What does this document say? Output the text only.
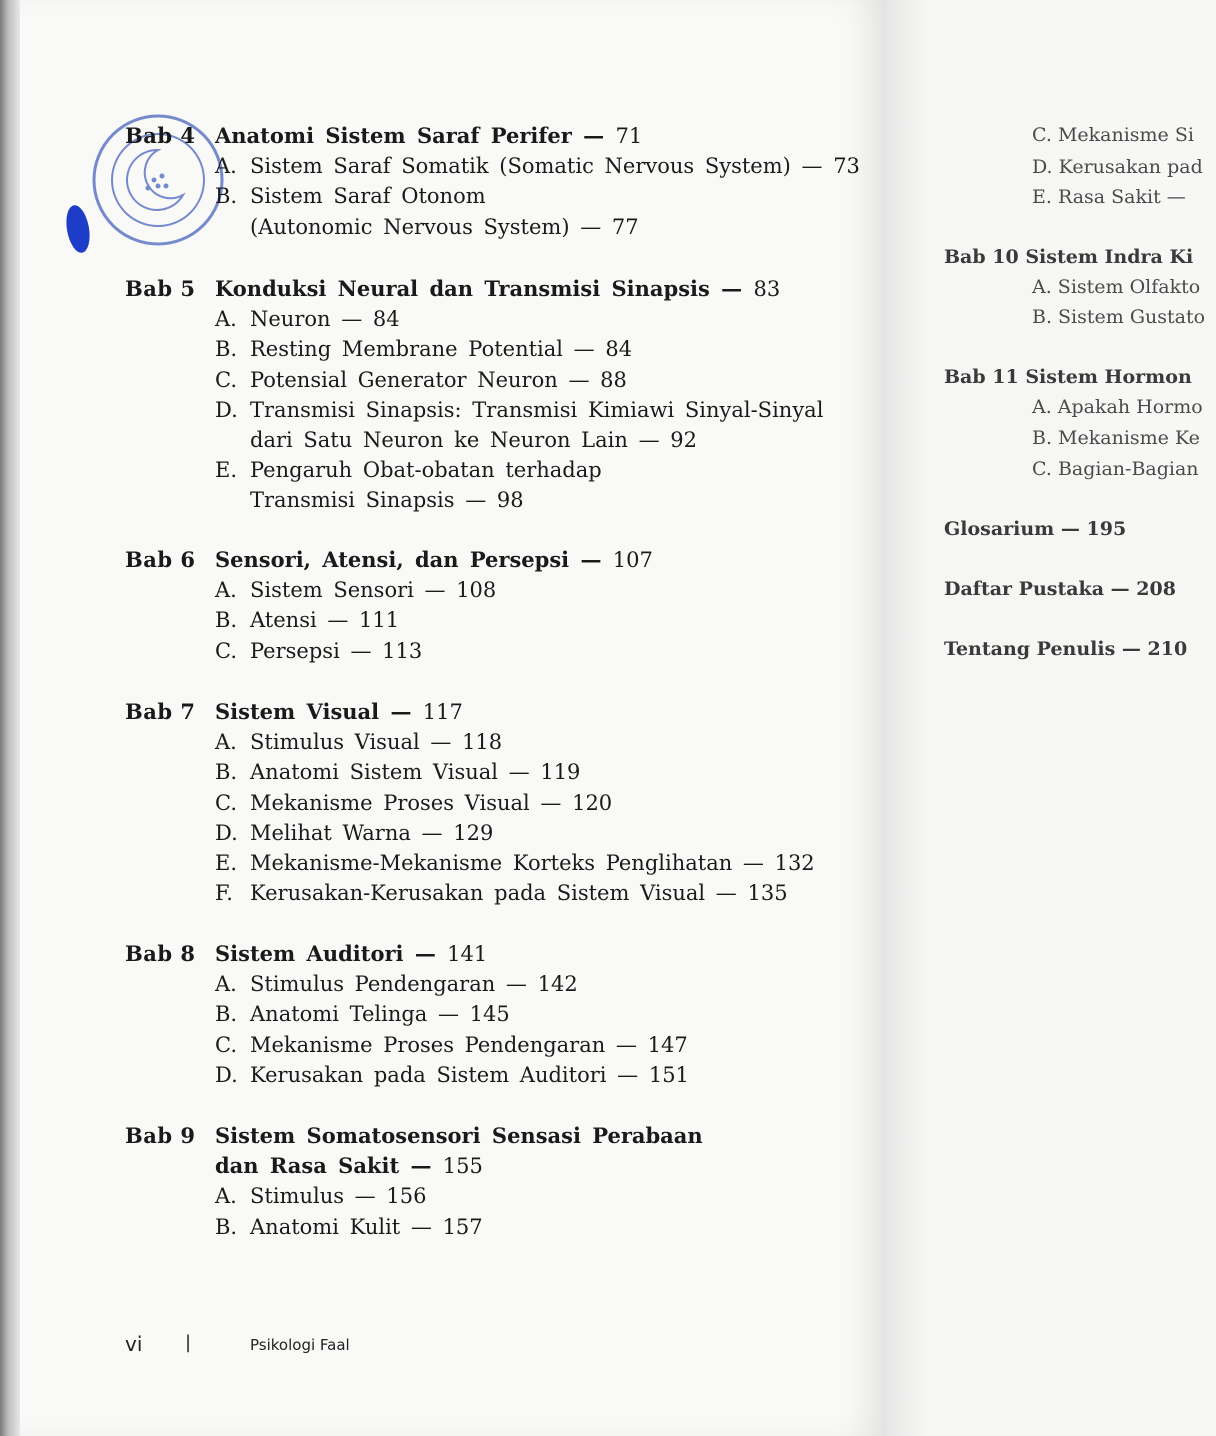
Bab 4 Anatomi Sistem Saraf Perifer — 71
A. Sistem Saraf Somatik (Somatic Nervous System) — 73
B. Sistem Saraf Otonom
(Autonomic Nervous System) — 77
Bab 5 Konduksi Neural dan Transmisi Sinapsis — 83
A. Neuron — 84
B. Resting Membrane Potential — 84
C. Potensial Generator Neuron — 88
D. Transmisi Sinapsis: Transmisi Kimiawi Sinyal-Sinyal
dari Satu Neuron ke Neuron Lain — 92
E. Pengaruh Obat-obatan terhadap
Transmisi Sinapsis — 98
Bab 6 Sensori, Atensi, dan Persepsi — 107
A. Sistem Sensori — 108
B. Atensi — 111
C. Persepsi — 113
Bab 7 Sistem Visual — 117
A. Stimulus Visual — 118
B. Anatomi Sistem Visual — 119
C. Mekanisme Proses Visual — 120
D. Melihat Warna — 129
E. Mekanisme-Mekanisme Korteks Penglihatan — 132
F. Kerusakan-Kerusakan pada Sistem Visual — 135
Bab 8 Sistem Auditori — 141
A. Stimulus Pendengaran — 142
B. Anatomi Telinga — 145
C. Mekanisme Proses Pendengaran — 147
D. Kerusakan pada Sistem Auditori — 151
Bab 9 Sistem Somatosensori Sensasi Perabaan
dan Rasa Sakit — 155
A. Stimulus — 156
B. Anatomi Kulit — 157
vi |	Psikologi Faal
C. Mekanisme Si
D. Kerusakan pad
E. Rasa Sakit —
Bab 10 Sistem Indra Ki
A. Sistem Olfakto
B. Sistem Gustato
Bab 11 Sistem Hormon
A. Apakah Hormo
B. Mekanisme Ke
C. Bagian-Bagian
Glosarium — 195
Daftar Pustaka — 208
Tentang Penulis — 210
